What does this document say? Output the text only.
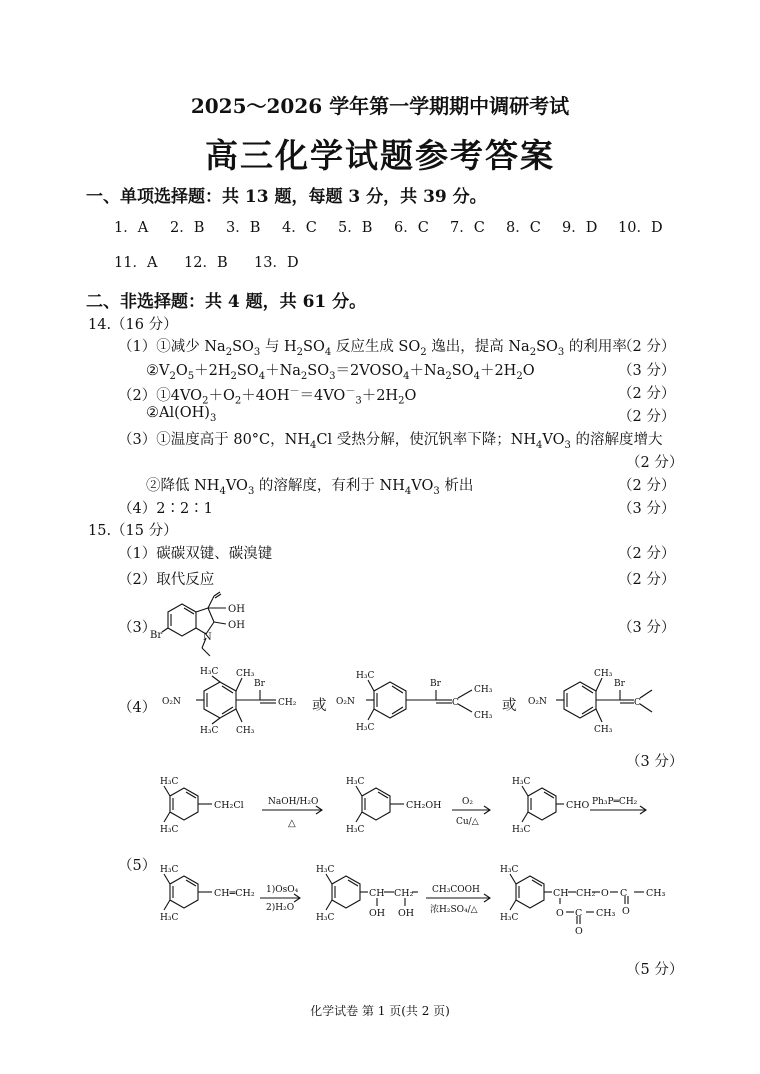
2025～2026 学年第一学期期中调研考试
高三化学试题参考答案
一、单项选择题：共 13 题，每题 3 分，共 39 分。
1．A 2．B 3．B 4．C 5．B 6．C 7．C 8．C 9．D 10．D
11．A 12．B 13．D
二、非选择题：共 4 题，共 61 分。
14.（16 分）
（1）①减少 $Na_2SO_3$ 与 $H_2SO_4$ 反应生成 $SO_2$ 逸出，提高 $Na_2SO_3$ 的利用率
（2 分）
$②V_2O_5+2H_2SO_4+Na_2SO_3=2VOSO_4+Na_2SO_4+2H_2O$	（3 分）
$(2)①4VO_2+O_2+4OH^-=4VO^-_3+2H_2O$	（2 分）
$②Al(OH)_3$	（2 分）
（3）①温度高于 80°C，$NH_4Cl$ 受热分解，使沉钒率下降；$NH_4VO_3$ 的溶解度增大
（2 分）
②降低 $NH_4VO_3$ 的溶解度，有利于 $NH_4VO_3$ 析出	（2 分）
（4）2∶2∶1	（3 分）
15.（15 分）
（1）碳碳双键、碳溴键	（2 分）
（2）取代反应	（2 分）
（3）	（3 分）
OH
OH
N
Br
（4）
H₃C CH₃
O₂N
H₃C CH₃
Br
CH₂ 或
H₃C
O₂N
H₃C
Br
C
CH₃
CH₃
或 O₂N
CH₃
CH₃
Br
C
（3 分）
H₃C
H₃C
CH₂Cl	NaOH/H₂O
△
H₃C
H₃C
CH₂OH O₂
Cu/△
H₃C
H₃C
CHO Ph₃P═CH₂
（5） H₃C
H₃C
CH═CH₂ 1)OsO₄
2)H₂O
H₃C
H₃C
CH CH₂
OH OH
CH₃COOH
浓H₂SO₄/△
H₃C
H₃C
CH CH₂ O C
O
CH₃
O C
O
CH₃
（5 分）
化学试卷 第 1 页(共 2 页)
